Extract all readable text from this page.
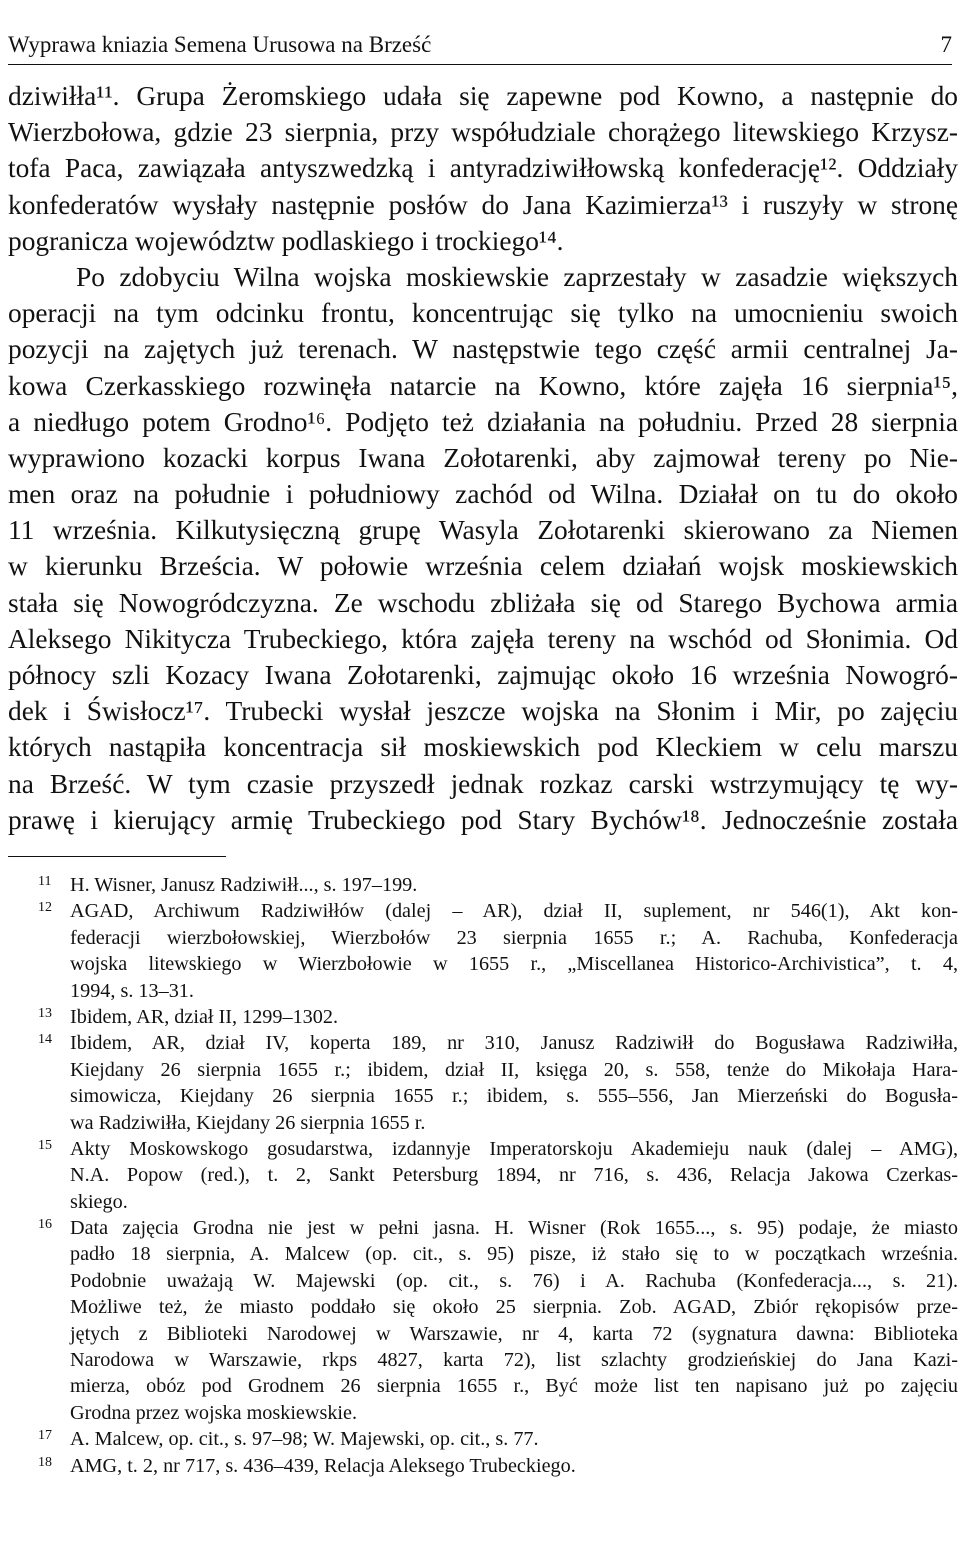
Wyprawa kniazia Semena Urusowa na Brześć	7
dziwiłła¹¹. Grupa Żeromskiego udała się zapewne pod Kowno, a następnie do
Wierzbołowa, gdzie 23 sierpnia, przy współudziale chorążego litewskiego Krzysz-
tofa Paca, zawiązała antyszwedzką i antyradziwiłłowską konfederację¹². Oddziały
konfederatów wysłały następnie posłów do Jana Kazimierza¹³ i ruszyły w stronę
pogranicza województw podlaskiego i trockiego¹⁴.
Po zdobyciu Wilna wojska moskiewskie zaprzestały w zasadzie większych
operacji na tym odcinku frontu, koncentrując się tylko na umocnieniu swoich
pozycji na zajętych już terenach. W następstwie tego część armii centralnej Ja-
kowa Czerkasskiego rozwinęła natarcie na Kowno, które zajęła 16 sierpnia¹⁵,
a niedługo potem Grodno¹⁶. Podjęto też działania na południu. Przed 28 sierpnia
wyprawiono kozacki korpus Iwana Zołotarenki, aby zajmował tereny po Nie-
men oraz na południe i południowy zachód od Wilna. Działał on tu do około
11 września. Kilkutysięczną grupę Wasyla Zołotarenki skierowano za Niemen
w kierunku Brześcia. W połowie września celem działań wojsk moskiewskich
stała się Nowogródczyzna. Ze wschodu zbliżała się od Starego Bychowa armia
Aleksego Nikitycza Trubeckiego, która zajęła tereny na wschód od Słonimia. Od
północy szli Kozacy Iwana Zołotarenki, zajmując około 16 września Nowogró-
dek i Świsłocz¹⁷. Trubecki wysłał jeszcze wojska na Słonim i Mir, po zajęciu
których nastąpiła koncentracja sił moskiewskich pod Kleckiem w celu marszu
na Brześć. W tym czasie przyszedł jednak rozkaz carski wstrzymujący tę wy-
prawę i kierujący armię Trubeckiego pod Stary Bychów¹⁸. Jednocześnie została
11 H. Wisner, Janusz Radziwiłł..., s. 197–199.
12 AGAD, Archiwum Radziwiłłów (dalej – AR), dział II, suplement, nr 546(1), Akt kon-
federacji wierzbołowskiej, Wierzbołów 23 sierpnia 1655 r.; A. Rachuba, Konfederacja
wojska litewskiego w Wierzbołowie w 1655 r., „Miscellanea Historico-Archivistica”, t. 4,
1994, s. 13–31.
13 Ibidem, AR, dział II, 1299–1302.
14 Ibidem, AR, dział IV, koperta 189, nr 310, Janusz Radziwiłł do Bogusława Radziwiłła,
Kiejdany 26 sierpnia 1655 r.; ibidem, dział II, księga 20, s. 558, tenże do Mikołaja Hara-
simowicza, Kiejdany 26 sierpnia 1655 r.; ibidem, s. 555–556, Jan Mierzeński do Bogusła-
wa Radziwiłła, Kiejdany 26 sierpnia 1655 r.
15 Akty Moskowskogo gosudarstwa, izdannyje Imperatorskoju Akademieju nauk (dalej – AMG),
N.A. Popow (red.), t. 2, Sankt Petersburg 1894, nr 716, s. 436, Relacja Jakowa Czerkas-
skiego.
16 Data zajęcia Grodna nie jest w pełni jasna. H. Wisner (Rok 1655..., s. 95) podaje, że miasto
padło 18 sierpnia, A. Malcew (op. cit., s. 95) pisze, iż stało się to w początkach września.
Podobnie uważają W. Majewski (op. cit., s. 76) i A. Rachuba (Konfederacja..., s. 21).
Możliwe też, że miasto poddało się około 25 sierpnia. Zob. AGAD, Zbiór rękopisów prze-
jętych z Biblioteki Narodowej w Warszawie, nr 4, karta 72 (sygnatura dawna: Biblioteka
Narodowa w Warszawie, rkps 4827, karta 72), list szlachty grodzieńskiej do Jana Kazi-
mierza, obóz pod Grodnem 26 sierpnia 1655 r., Być może list ten napisano już po zajęciu
Grodna przez wojska moskiewskie.
17 A. Malcew, op. cit., s. 97–98; W. Majewski, op. cit., s. 77.
18 AMG, t. 2, nr 717, s. 436–439, Relacja Aleksego Trubeckiego.
